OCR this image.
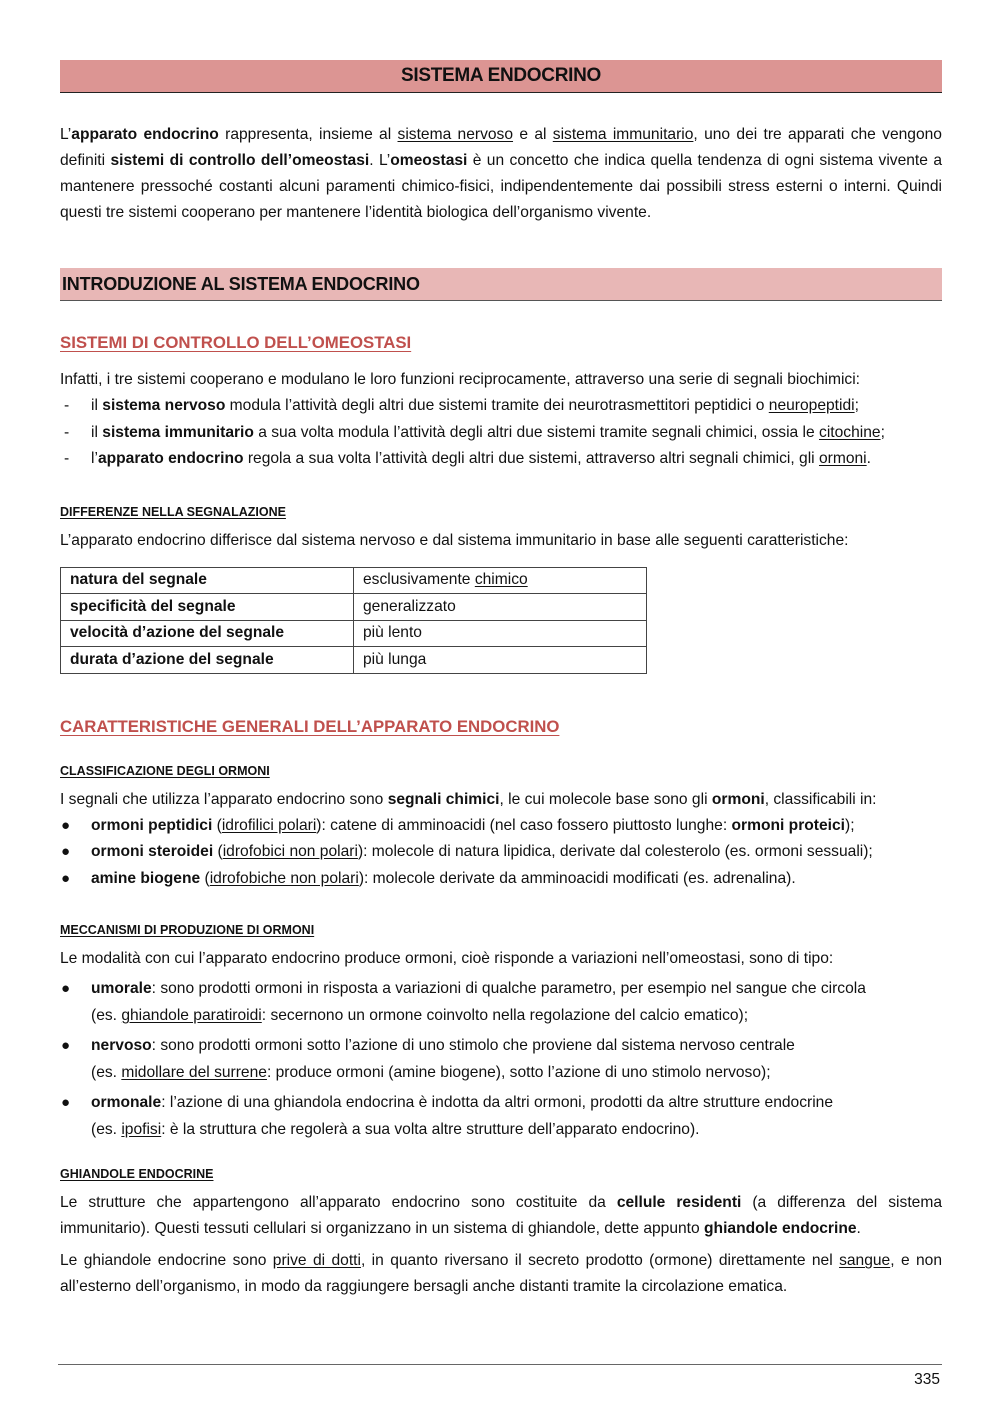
SISTEMA ENDOCRINO

L’apparato endocrino rappresenta, insieme al sistema nervoso e al sistema immunitario, uno dei tre apparati che vengono definiti sistemi di controllo dell’omeostasi. L’omeostasi è un concetto che indica quella tendenza di ogni sistema vivente a mantenere pressoché costanti alcuni paramenti chimico-fisici, indipendentemente dai possibili stress esterni o interni. Quindi questi tre sistemi cooperano per mantenere l’identità biologica dell’organismo vivente.

INTRODUZIONE AL SISTEMA ENDOCRINO
SISTEMI DI CONTROLLO DELL’OMEOSTASI

Infatti, i tre sistemi cooperano e modulano le loro funzioni reciprocamente, attraverso una serie di segnali biochimici:

- il sistema nervoso modula l’attività degli altri due sistemi tramite dei neurotrasmettitori peptidici o neuropeptidi;
- il sistema immunitario a sua volta modula l’attività degli altri due sistemi tramite segnali chimici, ossia le citochine;
- l’apparato endocrino regola a sua volta l’attività degli altri due sistemi, attraverso altri segnali chimici, gli ormoni.
DIFFERENZE NELLA SEGNALAZIONE

L’apparato endocrino differisce dal sistema nervoso e dal sistema immunitario in base alle seguenti caratteristiche:

natura del segnale	esclusivamente chimico
specificità del segnale	generalizzato
velocità d’azione del segnale	più lento
durata d’azione del segnale	più lunga
CARATTERISTICHE GENERALI DELL’APPARATO ENDOCRINO
CLASSIFICAZIONE DEGLI ORMONI

I segnali che utilizza l’apparato endocrino sono segnali chimici, le cui molecole base sono gli ormoni, classificabili in:

● ormoni peptidici (idrofilici polari): catene di amminoacidi (nel caso fossero piuttosto lunghe: ormoni proteici);
● ormoni steroidei (idrofobici non polari): molecole di natura lipidica, derivate dal colesterolo (es. ormoni sessuali);
● amine biogene (idrofobiche non polari): molecole derivate da amminoacidi modificati (es. adrenalina).
MECCANISMI DI PRODUZIONE DI ORMONI

Le modalità con cui l’apparato endocrino produce ormoni, cioè risponde a variazioni nell’omeostasi, sono di tipo:

● umorale: sono prodotti ormoni in risposta a variazioni di qualche parametro, per esempio nel sangue che circola
(es. ghiandole paratiroidi: secernono un ormone coinvolto nella regolazione del calcio ematico);
● nervoso: sono prodotti ormoni sotto l’azione di uno stimolo che proviene dal sistema nervoso centrale
(es. midollare del surrene: produce ormoni (amine biogene), sotto l’azione di uno stimolo nervoso);
● ormonale: l’azione di una ghiandola endocrina è indotta da altri ormoni, prodotti da altre strutture endocrine
(es. ipofisi: è la struttura che regolerà a sua volta altre strutture dell’apparato endocrino).
GHIANDOLE ENDOCRINE

Le strutture che appartengono all’apparato endocrino sono costituite da cellule residenti (a differenza del sistema immunitario). Questi tessuti cellulari si organizzano in un sistema di ghiandole, dette appunto ghiandole endocrine.

Le ghiandole endocrine sono prive di dotti, in quanto riversano il secreto prodotto (ormone) direttamente nel sangue, e non all’esterno dell’organismo, in modo da raggiungere bersagli anche distanti tramite la circolazione ematica.

335
